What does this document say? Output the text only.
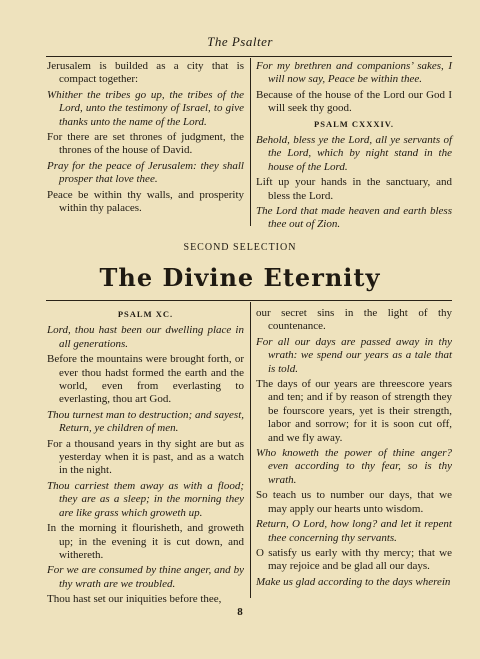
The Psalter

Jerusalem is builded as a city that is compact together:

Whither the tribes go up, the tribes of the Lord, unto the testimony of Israel, to give thanks unto the name of the Lord.

For there are set thrones of judgment, the thrones of the house of David.

Pray for the peace of Jerusalem: they shall prosper that love thee.

Peace be within thy walls, and prosperity within thy palaces.

For my brethren and companions’ sakes, I will now say, Peace be within thee.

Because of the house of the Lord our God I will seek thy good.

PSALM CXXXIV.

Behold, bless ye the Lord, all ye servants of the Lord, which by night stand in the house of the Lord.

Lift up your hands in the sanctuary, and bless the Lord.

The Lord that made heaven and earth bless thee out of Zion.

SECOND SELECTION
The Divine Eternity
PSALM XC.

Lord, thou hast been our dwelling place in all generations.

Before the mountains were brought forth, or ever thou hadst formed the earth and the world, even from everlasting to everlasting, thou art God.

Thou turnest man to destruction; and sayest, Return, ye children of men.

For a thousand years in thy sight are but as yesterday when it is past, and as a watch in the night.

Thou carriest them away as with a flood; they are as a sleep; in the morning they are like grass which groweth up.

In the morning it flourisheth, and groweth up; in the evening it is cut down, and withereth.

For we are consumed by thine anger, and by thy wrath are we troubled.

Thou hast set our iniquities before thee,

our secret sins in the light of thy countenance.

For all our days are passed away in thy wrath: we spend our years as a tale that is told.

The days of our years are threescore years and ten; and if by reason of strength they be fourscore years, yet is their strength, labor and sorrow; for it is soon cut off, and we fly away.

Who knoweth the power of thine anger? even according to thy fear, so is thy wrath.

So teach us to number our days, that we may apply our hearts unto wisdom.

Return, O Lord, how long? and let it repent thee concerning thy servants.

O satisfy us early with thy mercy; that we may rejoice and be glad all our days.

Make us glad according to the days wherein

8
